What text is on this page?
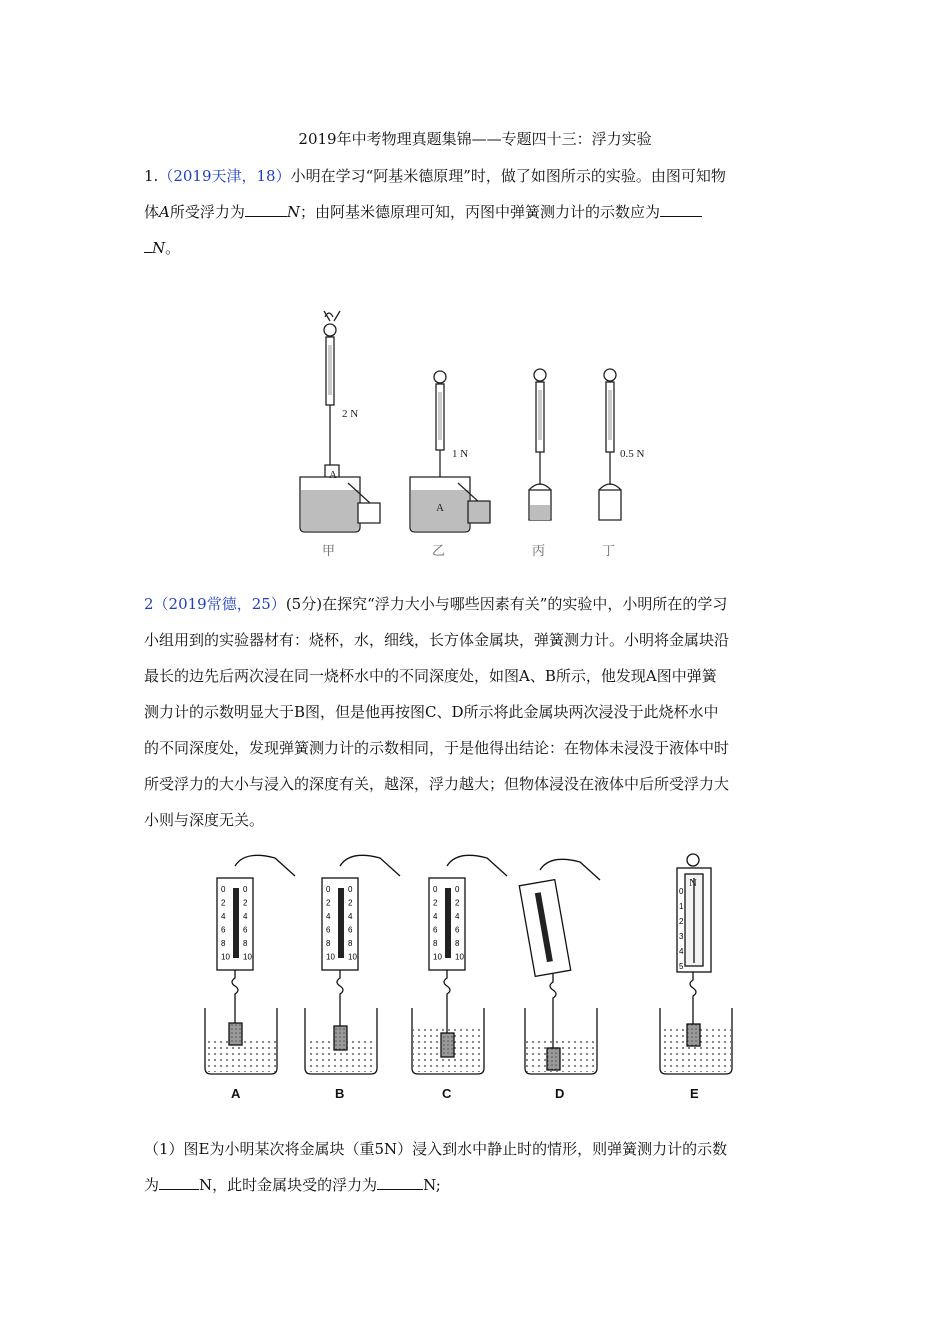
2019年中考物理真题集锦——专题四十三：浮力实验
1.（2019天津，18）小明在学习“阿基米德原理”时，做了如图所示的实验。由图可知物
体A所受浮力为	N；由阿基米德原理可知，丙图中弹簧测力计的示数应为
N。
2 N
1 N	0.5 N
A
A
甲	乙	丙	丁
2（2019常德，25）(5分)在探究“浮力大小与哪些因素有关”的实验中，小明所在的学习
小组用到的实验器材有：烧杯，水，细线，长方体金属块，弹簧测力计。小明将金属块沿
最长的边先后两次浸在同一烧杯水中的不同深度处，如图A、B所示，他发现A图中弹簧
测力计的示数明显大于B图，但是他再按图C、D所示将此金属块两次浸没于此烧杯水中
的不同深度处，发现弹簧测力计的示数相同，于是他得出结论：在物体未浸没于液体中时
所受浮力的大小与浸入的深度有关，越深，浮力越大；但物体浸没在液体中后所受浮力大
小则与深度无关。
0 0
2 2
4 4
6 6
8 8
10 10
0 0
2 2
4 4
6 6
8 8
10 10
0 0
2 2
4 4
6 6
8 8
10 10
0
1
2
3
4
5
N
A	B	C	D	E
（1）图E为小明某次将金属块（重5N）浸入到水中静止时的情形，则弹簧测力计的示数
为	N，此时金属块受的浮力为	N;
